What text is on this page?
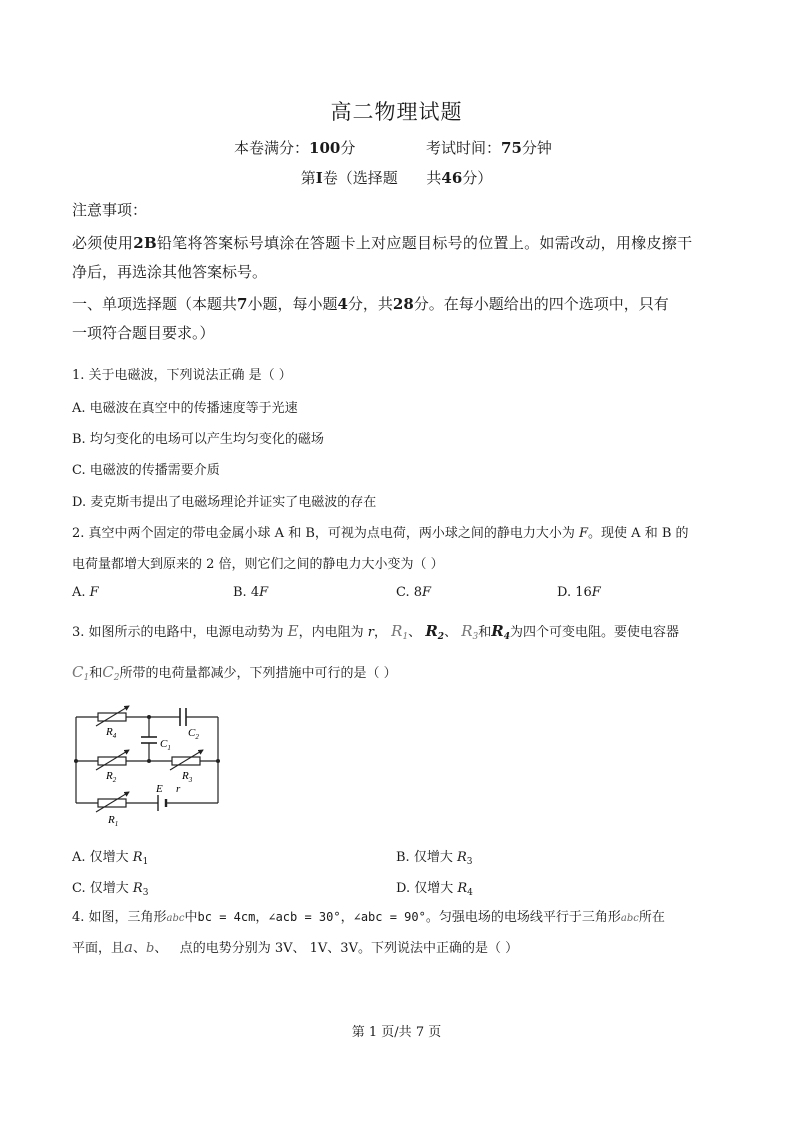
高二物理试题
本卷满分：100分	考试时间：75分钟
第I卷（选择题 共46分）
注意事项：
必须使用2B铅笔将答案标号填涂在答题卡上对应题目标号的位置上。如需改动，用橡皮擦干
净后，再选涂其他答案标号。
一、单项选择题（本题共7小题，每小题4分，共28分。在每小题给出的四个选项中，只有
一项符合题目要求。）
1. 关于电磁波，下列说法正确 是（ ）
A. 电磁波在真空中的传播速度等于光速
B. 均匀变化的电场可以产生均匀变化的磁场
C. 电磁波的传播需要介质
D. 麦克斯韦提出了电磁场理论并证实了电磁波的存在
2. 真空中两个固定的带电金属小球 A 和 B，可视为点电荷，两小球之间的静电力大小为 F。现使 A 和 B 的
电荷量都增大到原来的 2 倍，则它们之间的静电力大小变为（ ）
A. F	B. 4F	C. 8F	D. 16F
3. 如图所示的电路中，电源电动势为 E，内电阻为 r， $R_1$、 $R_2$、 $R_3$和$R_4$为四个可变电阻。要使电容器
$C_1$和$C_2$所带的电荷量都减少，下列措施中可行的是（ ）
$R_4$	$C_2$
$C_1$
$R_2$	$R_3$
E r
$R_1$
A. 仅增大 $R_1$	B. 仅增大 $R_3$
C. 仅增大 $R_3$	D. 仅增大 $R_4$
4. 如图，三角形abc中bc = 4cm，∠acb = 30°，∠abc = 90°。匀强电场的电场线平行于三角形abc所在
平面，且a、b、   点的电势分别为 3V、 1V、3V。下列说法中正确的是（ ）
第 1 页/共 7 页
